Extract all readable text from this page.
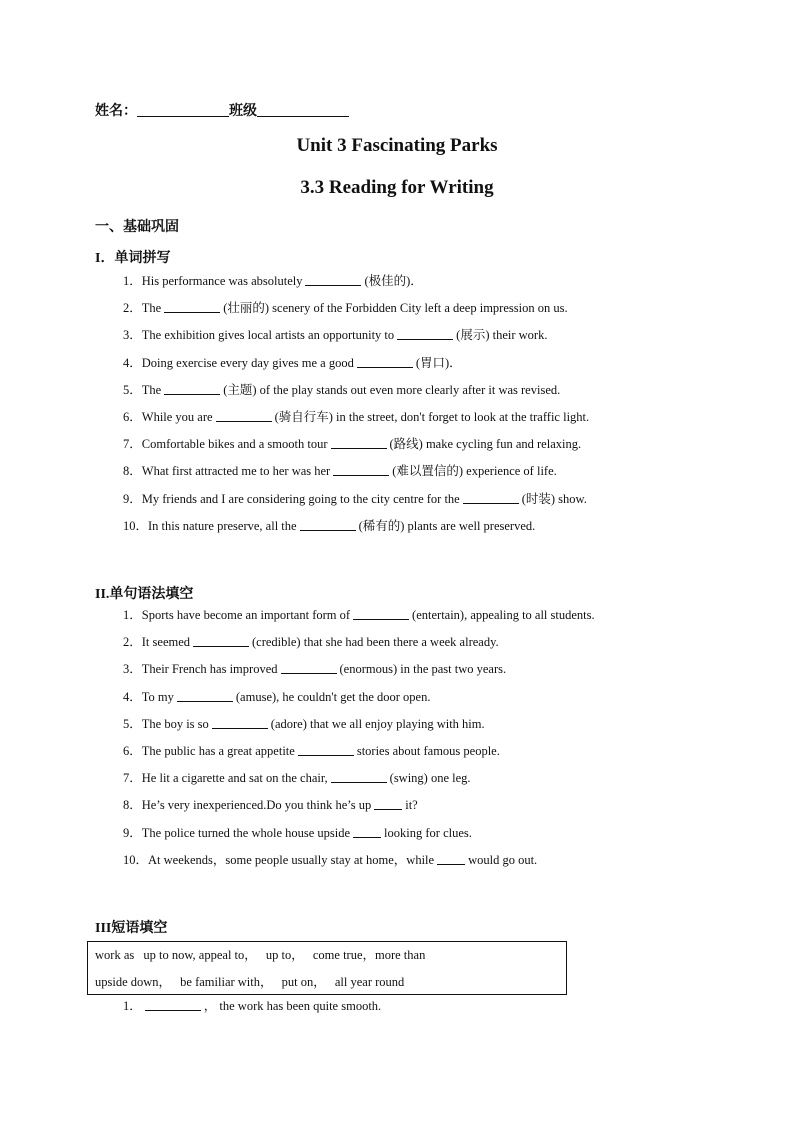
姓名：	班级
Unit 3 Fascinating Parks
3.3 Reading for Writing
一、基础巩固
I．单词拼写
1．His performance was absolutely	(极佳的)．
2．The	(壮丽的) scenery of the Forbidden City left a deep impression on us.
3．The exhibition gives local artists an opportunity to	(展示) their work.
4．Doing exercise every day gives me a good	(胃口)．
5．The	(主题) of the play stands out even more clearly after it was revised.
6．While you are	(骑自行车) in the street, don't forget to look at the traffic light.
7．Comfortable bikes and a smooth tour	(路线) make cycling fun and relaxing.
8．What first attracted me to her was her	(难以置信的) experience of life.
9．My friends and I are considering going to the city centre for the	(时装) show.
10．In this nature preserve, all the	(稀有的) plants are well preserved.
II.单句语法填空
1．Sports have become an important form of	(entertain), appealing to all students.
2．It seemed	(credible) that she had been there a week already.
3．Their French has improved	(enormous) in the past two years.
4．To my	(amuse), he couldn't get the door open.
5．The boy is so	(adore) that we all enjoy playing with him.
6．The public has a great appetite	stories about famous people.
7．He lit a cigarette and sat on the chair,	(swing) one leg.
8．He’s very inexperienced.Do you think he’s up	it?
9．The police turned the whole house upside	looking for clues.
10．At weekends，some people usually stay at home，while	would go out.
III短语填空
work as up to now, appeal to， up to， come true，more than
upside down， be familiar with， put on， all year round
1．	， the work has been quite smooth.
